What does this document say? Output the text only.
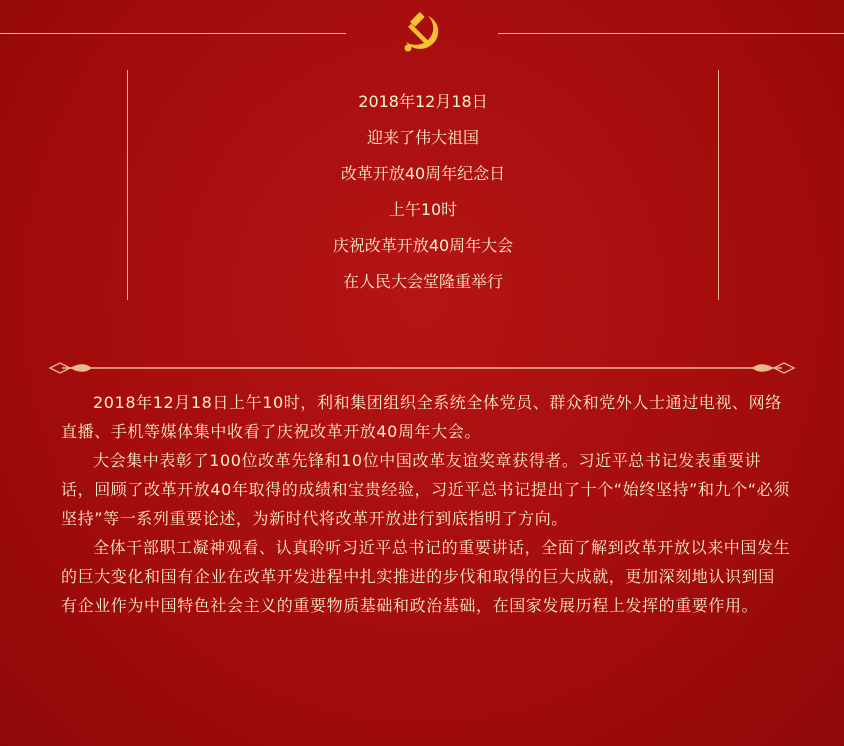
2018年12月18日
迎来了伟大祖国
改革开放40周年纪念日
上午10时
庆祝改革开放40周年大会
在人民大会堂隆重举行

2018年12月18日上午10时，利和集团组织全系统全体党员、群众和党外人士通过电视、网络直播、手机等媒体集中收看了庆祝改革开放40周年大会。

大会集中表彰了100位改革先锋和10位中国改革友谊奖章获得者。习近平总书记发表重要讲话，回顾了改革开放40年取得的成绩和宝贵经验，习近平总书记提出了十个“始终坚持”和九个“必须坚持”等一系列重要论述，为新时代将改革开放进行到底指明了方向。

全体干部职工凝神观看、认真聆听习近平总书记的重要讲话，全面了解到改革开放以来中国发生的巨大变化和国有企业在改革开发进程中扎实推进的步伐和取得的巨大成就，更加深刻地认识到国有企业作为中国特色社会主义的重要物质基础和政治基础，在国家发展历程上发挥的重要作用。
